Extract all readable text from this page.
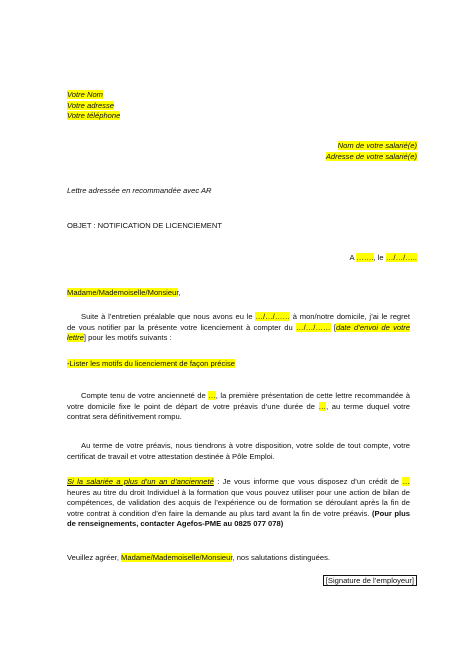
Votre Nom
Votre adresse
Votre téléphone
Nom de votre salarié(e)
Adresse de votre salarié(e)
Lettre adressée en recommandée avec AR
OBJET : NOTIFICATION DE LICENCIEMENT
A ……., le …/…/…..
Madame/Mademoiselle/Monsieur,
Suite à l’entretien préalable que nous avons eu le …/…/…… à mon/notre domicile, j’ai le regret de vous notifier par la présente votre licenciement à compter du …/…/…… [date d’envoi de votre lettre] pour les motifs suivants :
-Lister les motifs du licenciement de façon précise
Compte tenu de votre ancienneté de …, la première présentation de cette lettre recommandée à votre domicile fixe le point de départ de votre préavis d’une durée de …, au terme duquel votre contrat sera définitivement rompu.
Au terme de votre préavis, nous tiendrons à votre disposition, votre solde de tout compte, votre certificat de travail et votre attestation destinée à Pôle Emploi.
Si la salariée a plus d’un an d’ancienneté : Je vous informe que vous disposez d’un crédit de … heures au titre du droit Individuel à la formation que vous pouvez utiliser pour une action de bilan de compétences, de validation des acquis de l’expérience ou de formation se déroulant après la fin de votre contrat à condition d’en faire la demande au plus tard avant la fin de votre préavis. (Pour plus de renseignements, contacter Agefos-PME au 0825 077 078)
Veuillez agréer, Madame/Mademoiselle/Monsieur, nos salutations distinguées.
[Signature de l’employeur]
